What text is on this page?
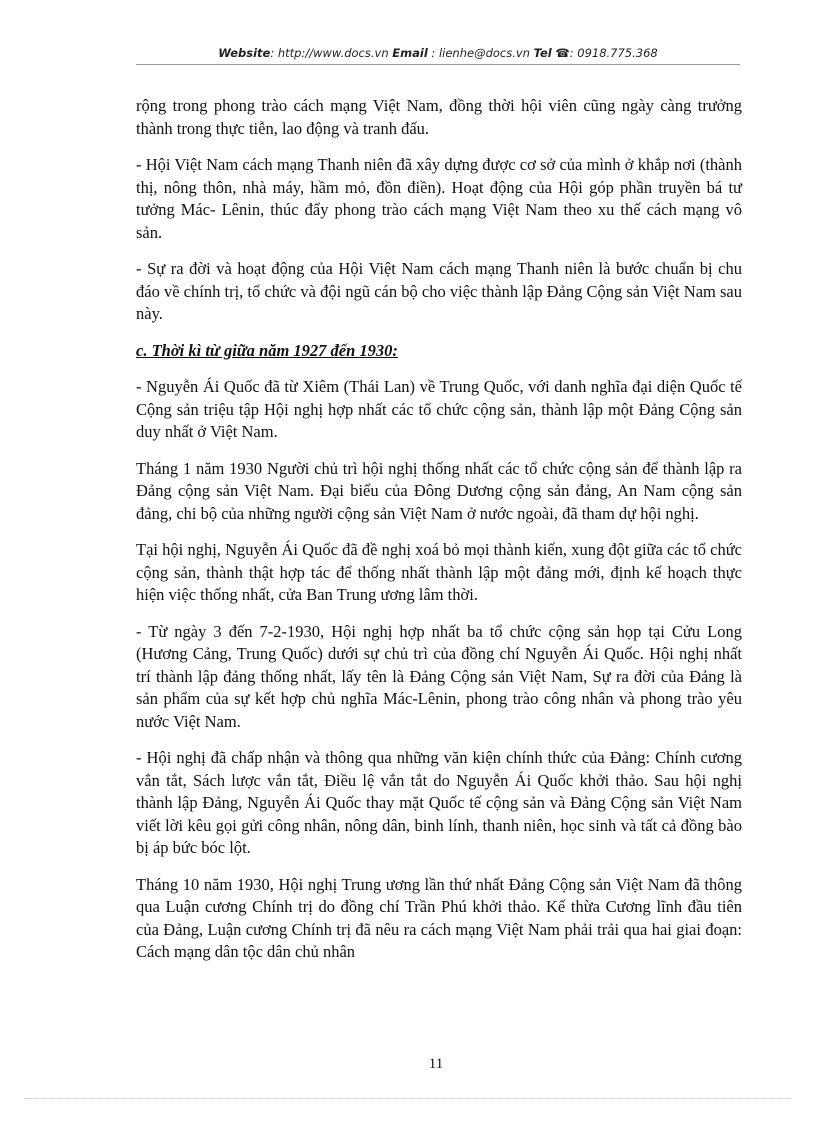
Website: http://www.docs.vn Email : lienhe@docs.vn Tel ☎: 0918.775.368

rộng trong phong trào cách mạng Việt Nam, đồng thời hội viên cũng ngày càng trưởng thành trong thực tiễn, lao động và tranh đấu.

- Hội Việt Nam cách mạng Thanh niên đã xây dựng được cơ sở của mình ở khắp nơi (thành thị, nông thôn, nhà máy, hầm mỏ, đồn điền). Hoạt động của Hội góp phần truyền bá tư tưởng Mác- Lênin, thúc đẩy phong trào cách mạng Việt Nam theo xu thế cách mạng vô sản.

- Sự ra đời và hoạt động của Hội Việt Nam cách mạng Thanh niên là bước chuẩn bị chu đáo về chính trị, tổ chức và đội ngũ cán bộ cho việc thành lập Đảng Cộng sản Việt Nam sau này.

c. Thời kì từ giữa năm 1927 đến 1930:

- Nguyễn Ái Quốc đã từ Xiêm (Thái Lan) về Trung Quốc, với danh nghĩa đại diện Quốc tế Cộng sản triệu tập Hội nghị hợp nhất các tổ chức cộng sản, thành lập một Đảng Cộng sản duy nhất ở Việt Nam.

Tháng 1 năm 1930 Người chủ trì hội nghị thống nhất các tổ chức cộng sản để thành lập ra Đảng cộng sản Việt Nam. Đại biểu của Đông Dương cộng sản đảng, An Nam cộng sản đảng, chi bộ của những người cộng sản Việt Nam ở nước ngoài, đã tham dự hội nghị.

Tại hội nghị, Nguyễn Ái Quốc đã đề nghị xoá bỏ mọi thành kiến, xung đột giữa các tổ chức cộng sản, thành thật hợp tác để thống nhất thành lập một đảng mới, định kế hoạch thực hiện việc thống nhất, cửa Ban Trung ương lâm thời.

- Từ ngày 3 đến 7-2-1930, Hội nghị hợp nhất ba tổ chức cộng sản họp tại Cửu Long (Hương Cảng, Trung Quốc) dưới sự chủ trì của đồng chí Nguyễn Ái Quốc. Hội nghị nhất trí thành lập đảng thống nhất, lấy tên là Đảng Cộng sản Việt Nam, Sự ra đời của Đảng là sản phẩm của sự kết hợp chủ nghĩa Mác-Lênin, phong trào công nhân và phong trào yêu nước Việt Nam.

- Hội nghị đã chấp nhận và thông qua những văn kiện chính thức của Đảng: Chính cương vắn tắt, Sách lược vắn tắt, Điều lệ vắn tắt do Nguyễn Ái Quốc khởi thảo. Sau hội nghị thành lập Đảng, Nguyễn Ái Quốc thay mặt Quốc tế cộng sản và Đảng Cộng sản Việt Nam viết lời kêu gọi gửi công nhân, nông dân, binh lính, thanh niên, học sinh và tất cả đồng bào bị áp bức bóc lột.

Tháng 10 năm 1930, Hội nghị Trung ương lần thứ nhất Đảng Cộng sản Việt Nam đã thông qua Luận cương Chính trị do đồng chí Trần Phú khởi thảo. Kế thừa Cương lĩnh đầu tiên của Đảng, Luận cương Chính trị đã nêu ra cách mạng Việt Nam phải trải qua hai giai đoạn: Cách mạng dân tộc dân chủ nhân

11
